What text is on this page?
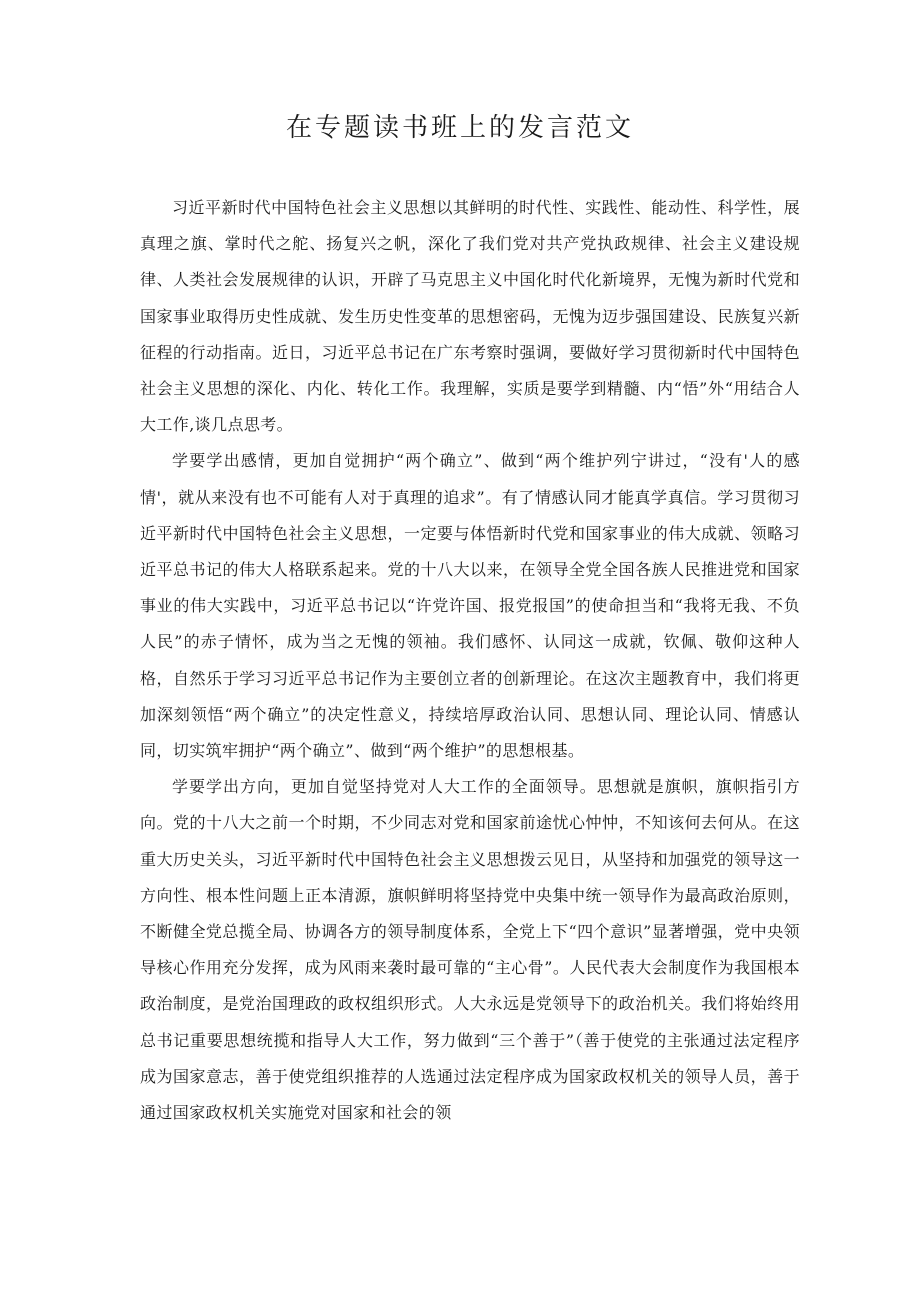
在专题读书班上的发言范文

习近平新时代中国特色社会主义思想以其鲜明的时代性、实践性、能动性、科学性，展真理之旗、掌时代之舵、扬复兴之帆，深化了我们党对共产党执政规律、社会主义建设规律、人类社会发展规律的认识，开辟了马克思主义中国化时代化新境界，无愧为新时代党和国家事业取得历史性成就、发生历史性变革的思想密码，无愧为迈步强国建设、民族复兴新征程的行动指南。近日，习近平总书记在广东考察时强调，要做好学习贯彻新时代中国特色社会主义思想的深化、内化、转化工作。我理解，实质是要学到精髓、内“悟”外“用结合人大工作,谈几点思考。

学要学出感情，更加自觉拥护“两个确立”、做到“两个维护列宁讲过，“没有'人的感情'，就从来没有也不可能有人对于真理的追求”。有了情感认同才能真学真信。学习贯彻习近平新时代中国特色社会主义思想，一定要与体悟新时代党和国家事业的伟大成就、领略习近平总书记的伟大人格联系起来。党的十八大以来，在领导全党全国各族人民推进党和国家事业的伟大实践中，习近平总书记以“许党许国、报党报国”的使命担当和“我将无我、不负人民”的赤子情怀，成为当之无愧的领袖。我们感怀、认同这一成就，钦佩、敬仰这种人格，自然乐于学习习近平总书记作为主要创立者的创新理论。在这次主题教育中，我们将更加深刻领悟“两个确立”的决定性意义，持续培厚政治认同、思想认同、理论认同、情感认同，切实筑牢拥护“两个确立”、做到“两个维护”的思想根基。

学要学出方向，更加自觉坚持党对人大工作的全面领导。思想就是旗帜，旗帜指引方向。党的十八大之前一个时期，不少同志对党和国家前途忧心忡忡，不知该何去何从。在这重大历史关头，习近平新时代中国特色社会主义思想拨云见日，从坚持和加强党的领导这一方向性、根本性问题上正本清源，旗帜鲜明将坚持党中央集中统一领导作为最高政治原则，不断健全党总揽全局、协调各方的领导制度体系，全党上下“四个意识”显著增强，党中央领导核心作用充分发挥，成为风雨来袭时最可靠的“主心骨”。人民代表大会制度作为我国根本政治制度，是党治国理政的政权组织形式。人大永远是党领导下的政治机关。我们将始终用总书记重要思想统揽和指导人大工作，努力做到“三个善于”（善于使党的主张通过法定程序成为国家意志，善于使党组织推荐的人选通过法定程序成为国家政权机关的领导人员，善于通过国家政权机关实施党对国家和社会的领
